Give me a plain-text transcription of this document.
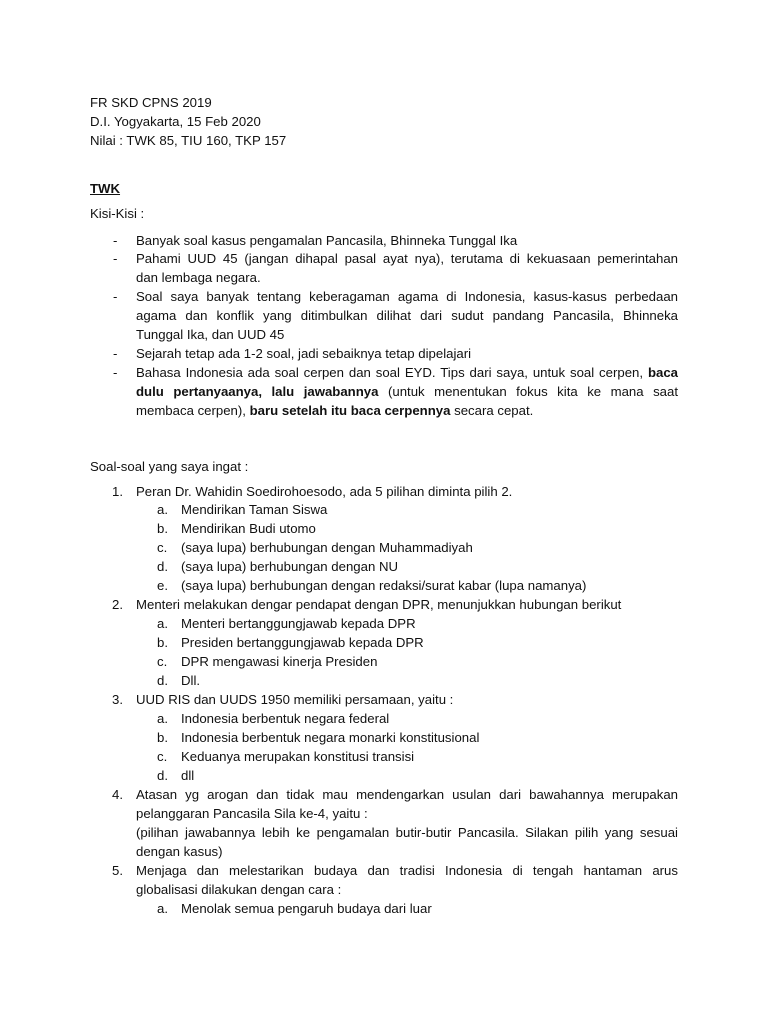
FR SKD CPNS 2019
D.I. Yogyakarta, 15 Feb 2020
Nilai : TWK 85, TIU 160, TKP 157
TWK
Kisi-Kisi :
- Banyak soal kasus pengamalan Pancasila, Bhinneka Tunggal Ika
- Pahami UUD 45 (jangan dihapal pasal ayat nya), terutama di kekuasaan pemerintahan
dan lembaga negara.
- Soal saya banyak tentang keberagaman agama di Indonesia, kasus-kasus perbedaan
agama dan konflik yang ditimbulkan dilihat dari sudut pandang Pancasila, Bhinneka
Tunggal Ika, dan UUD 45
- Sejarah tetap ada 1-2 soal, jadi sebaiknya tetap dipelajari
- Bahasa Indonesia ada soal cerpen dan soal EYD. Tips dari saya, untuk soal cerpen, baca
dulu pertanyaanya, lalu jawabannya (untuk menentukan fokus kita ke mana saat
membaca cerpen), baru setelah itu baca cerpennya secara cepat.
Soal-soal yang saya ingat :
1. Peran Dr. Wahidin Soedirohoesodo, ada 5 pilihan diminta pilih 2.
a. Mendirikan Taman Siswa
b. Mendirikan Budi utomo
c. (saya lupa) berhubungan dengan Muhammadiyah
d. (saya lupa) berhubungan dengan NU
e. (saya lupa) berhubungan dengan redaksi/surat kabar (lupa namanya)
2. Menteri melakukan dengar pendapat dengan DPR, menunjukkan hubungan berikut
a. Menteri bertanggungjawab kepada DPR
b. Presiden bertanggungjawab kepada DPR
c. DPR mengawasi kinerja Presiden
d. Dll.
3. UUD RIS dan UUDS 1950 memiliki persamaan, yaitu :
a. Indonesia berbentuk negara federal
b. Indonesia berbentuk negara monarki konstitusional
c. Keduanya merupakan konstitusi transisi
d. dll
4. Atasan yg arogan dan tidak mau mendengarkan usulan dari bawahannya merupakan
pelanggaran Pancasila Sila ke-4, yaitu :
(pilihan jawabannya lebih ke pengamalan butir-butir Pancasila. Silakan pilih yang sesuai
dengan kasus)
5. Menjaga dan melestarikan budaya dan tradisi Indonesia di tengah hantaman arus
globalisasi dilakukan dengan cara :
a. Menolak semua pengaruh budaya dari luar
